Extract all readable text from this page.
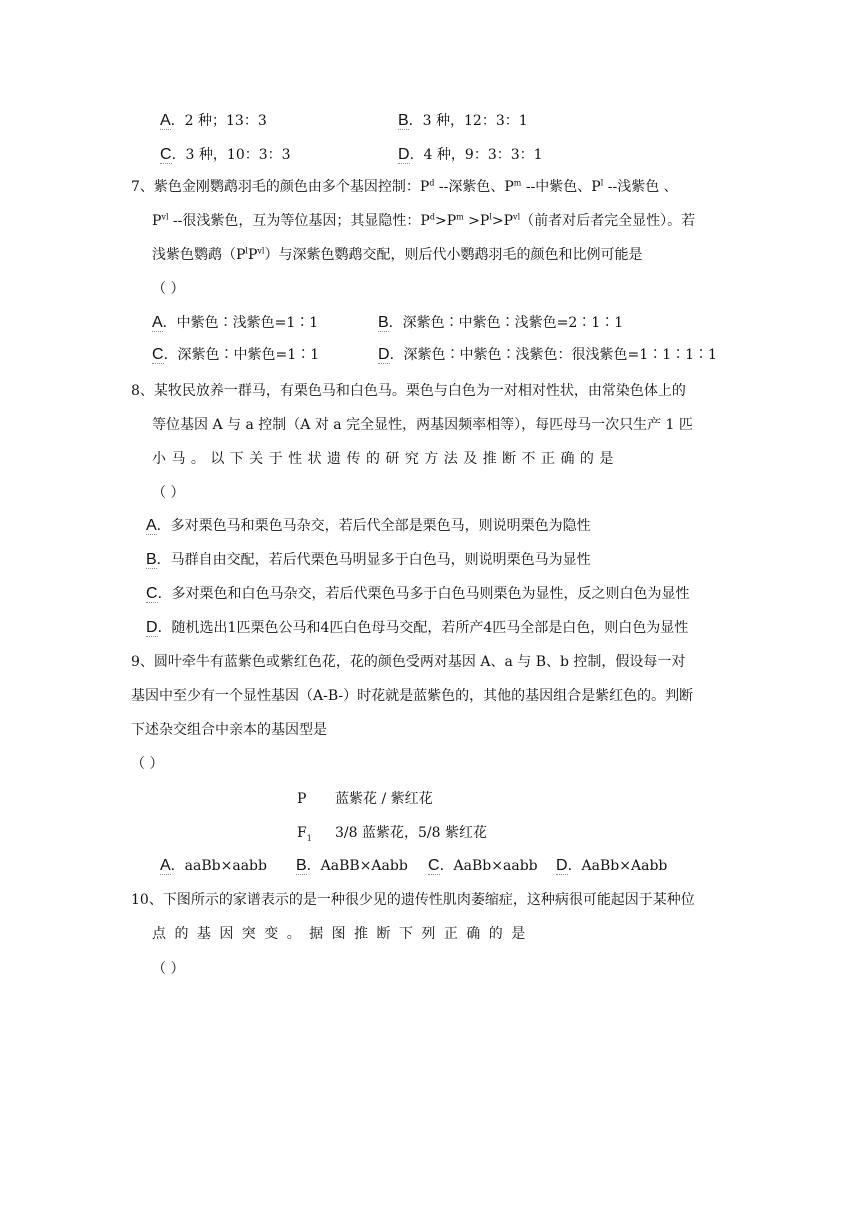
A．2 种；13：3	B．3 种，12：3：1
C．3 种，10：3：3	D．4 种，9：3：3：1
7、紫色金刚鹦鹉羽毛的颜色由多个基因控制：$P^d$ --深紫色、$P^m$ --中紫色、$P^l$ --浅紫色 、
$P^{vl}$ --很浅紫色，互为等位基因；其显隐性：$P^d>P^m >P^l>P^{vl}$（前者对后者完全显性）。若
浅紫色鹦鹉$(P^lP^{vl})$与深紫色鹦鹉交配，则后代小鹦鹉羽毛的颜色和比例可能是
（ ）
A．中紫色∶浅紫色=1∶1	B．深紫色∶中紫色∶浅紫色=2∶1∶1
C．深紫色∶中紫色=1∶1	D．深紫色∶中紫色∶浅紫色：很浅紫色=1∶1∶1∶1
8、某牧民放养一群马，有栗色马和白色马。栗色与白色为一对相对性状，由常染色体上的
等位基因 A 与 a 控制（A 对 a 完全显性，两基因频率相等），每匹母马一次只生产 1 匹
小 马 。 以 下 关 于 性 状 遗 传 的 研 究 方 法 及 推 断 不 正 确 的 是
（ ）
A．多对栗色马和栗色马杂交，若后代全部是栗色马，则说明栗色为隐性
B．马群自由交配，若后代栗色马明显多于白色马，则说明栗色马为显性
C．多对栗色和白色马杂交，若后代栗色马多于白色马则栗色为显性，反之则白色为显性
D．随机选出1匹栗色公马和4匹白色母马交配，若所产4匹马全部是白色，则白色为显性
9、圆叶牵牛有蓝紫色或紫红色花，花的颜色受两对基因 A、a 与 B、b 控制，假设每一对
基因中至少有一个显性基因（A-B-）时花就是蓝紫色的，其他的基因组合是紫红色的。判断
下述杂交组合中亲本的基因型是
（ ）
P 蓝紫花 / 紫红花
$F_1$ 3/8 蓝紫花，5/8 紫红花
A．aaBb×aabb B．AaBB×Aabb C．AaBb×aabb D．AaBb×Aabb
10、下图所示的家谱表示的是一种很少见的遗传性肌肉萎缩症，这种病很可能起因于某种位
点 的 基 因 突 变 。 据 图 推 断 下 列 正 确 的 是
（ ）
